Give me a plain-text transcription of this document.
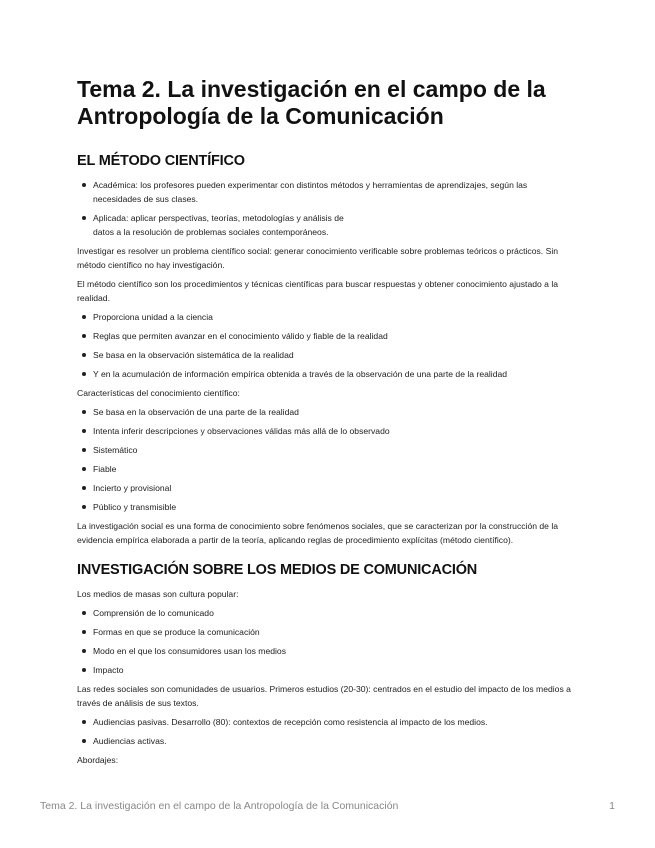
Tema 2. La investigación en el campo de la Antropología de la Comunicación
EL MÉTODO CIENTÍFICO
Académica: los profesores pueden experimentar con distintos métodos y herramientas de aprendizajes, según las necesidades de sus clases.
Aplicada: aplicar perspectivas, teorías, metodologías y análisis de datos a la resolución de problemas sociales contemporáneos.

Investigar es resolver un problema científico social: generar conocimiento verificable sobre problemas teóricos o prácticos. Sin método científico no hay investigación.

El método científico son los procedimientos y técnicas científicas para buscar respuestas y obtener conocimiento ajustado a la realidad.

Proporciona unidad a la ciencia
Reglas que permiten avanzar en el conocimiento válido y fiable de la realidad
Se basa en la observación sistemática de la realidad
Y en la acumulación de información empírica obtenida a través de la observación de una parte de la realidad

Características del conocimiento científico:

Se basa en la observación de una parte de la realidad
Intenta inferir descripciones y observaciones válidas más allá de lo observado
Sistemático
Fiable
Incierto y provisional
Público y transmisible

La investigación social es una forma de conocimiento sobre fenómenos sociales, que se caracterizan por la construcción de la evidencia empírica elaborada a partir de la teoría, aplicando reglas de procedimiento explícitas (método científico).

INVESTIGACIÓN SOBRE LOS MEDIOS DE COMUNICACIÓN

Los medios de masas son cultura popular:

Comprensión de lo comunicado
Formas en que se produce la comunicación
Modo en el que los consumidores usan los medios
Impacto

Las redes sociales son comunidades de usuarios. Primeros estudios (20-30): centrados en el estudio del impacto de los medios a través de análisis de sus textos.

Audiencias pasivas. Desarrollo (80): contextos de recepción como resistencia al impacto de los medios.
Audiencias activas.

Abordajes:

Tema 2. La investigación en el campo de la Antropología de la Comunicación	1
